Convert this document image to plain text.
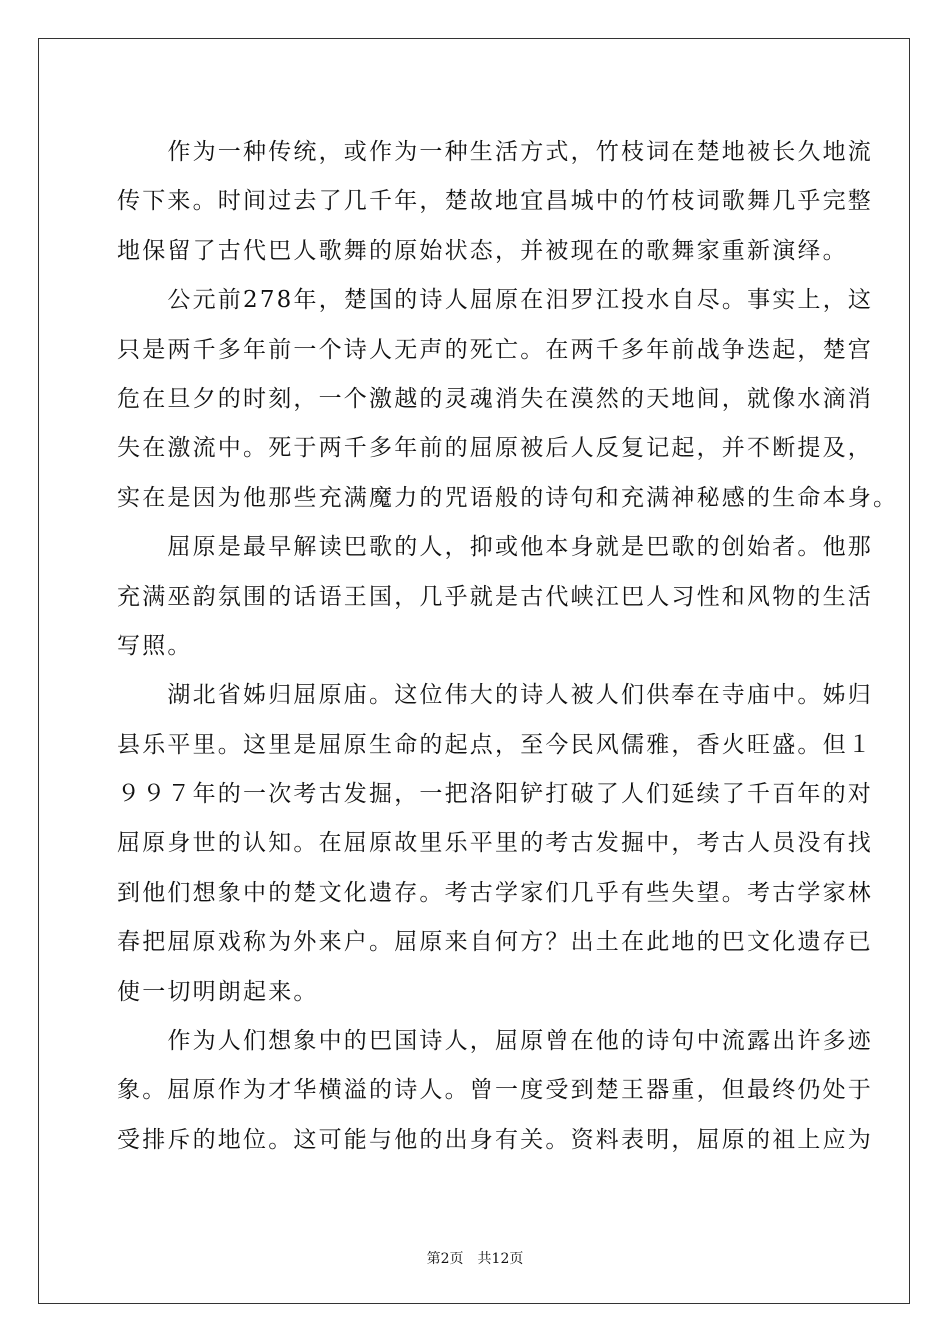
　　作为一种传统，或作为一种生活方式，竹枝词在楚地被长久地流
传下来。时间过去了几千年，楚故地宜昌城中的竹枝词歌舞几乎完整
地保留了古代巴人歌舞的原始状态，并被现在的歌舞家重新演绎。

　　公元前278年，楚国的诗人屈原在汨罗江投水自尽。事实上，这
只是两千多年前一个诗人无声的死亡。在两千多年前战争迭起，楚宫
危在旦夕的时刻，一个激越的灵魂消失在漠然的天地间，就像水滴消
失在激流中。死于两千多年前的屈原被后人反复记起，并不断提及，
实在是因为他那些充满魔力的咒语般的诗句和充满神秘感的生命本身。

　　屈原是最早解读巴歌的人，抑或他本身就是巴歌的创始者。他那
充满巫韵氛围的话语王国，几乎就是古代峡江巴人习性和风物的生活
写照。

　　湖北省姊归屈原庙。这位伟大的诗人被人们供奉在寺庙中。姊归
县乐平里。这里是屈原生命的起点，至今民风儒雅，香火旺盛。但１
９９７年的一次考古发掘，一把洛阳铲打破了人们延续了千百年的对
屈原身世的认知。在屈原故里乐平里的考古发掘中，考古人员没有找
到他们想象中的楚文化遗存。考古学家们几乎有些失望。考古学家林
春把屈原戏称为外来户。屈原来自何方？出土在此地的巴文化遗存已
使一切明朗起来。

　　作为人们想象中的巴国诗人，屈原曾在他的诗句中流露出许多迹
象。屈原作为才华横溢的诗人。曾一度受到楚王器重，但最终仍处于
受排斥的地位。这可能与他的出身有关。资料表明，屈原的祖上应为

第2页　共12页
